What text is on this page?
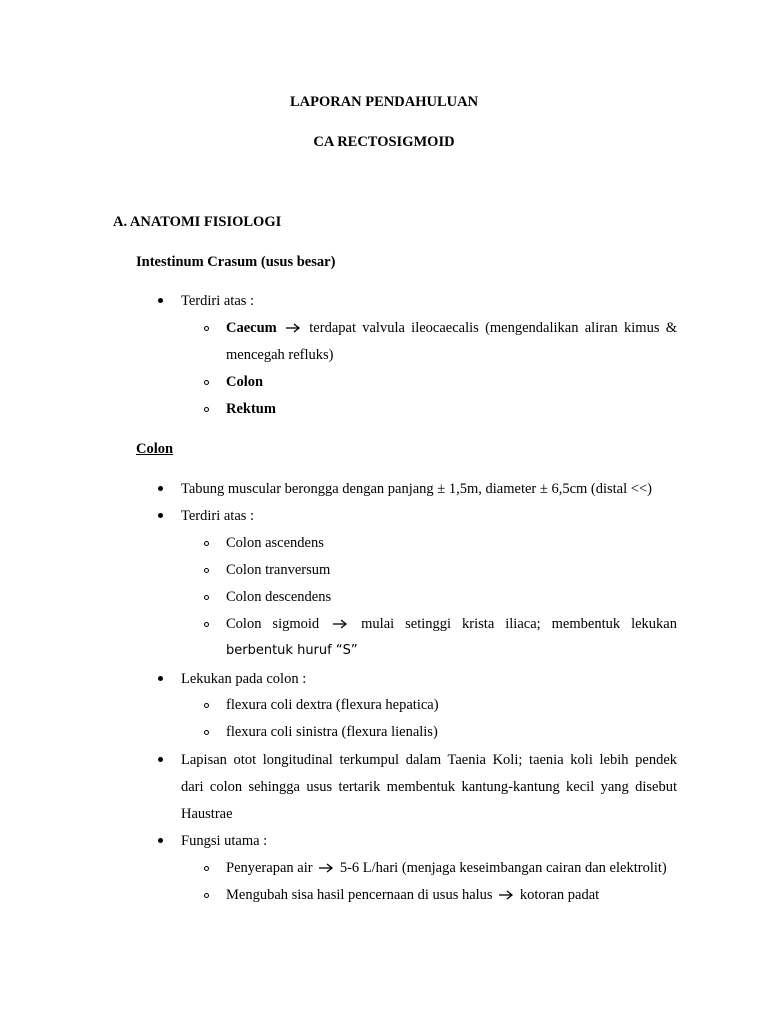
LAPORAN PENDAHULUAN
CA RECTOSIGMOID
A. ANATOMI FISIOLOGI
Intestinum Crasum (usus besar)
Terdiri atas :
Caecum terdapat valvula ileocaecalis (mengendalikan aliran kimus &
mencegah refluks)
Colon
Rektum
Colon
Tabung muscular berongga dengan panjang ± 1,5m, diameter ± 6,5cm (distal <<)
Terdiri atas :
Colon ascendens
Colon tranversum
Colon descendens
Colon sigmoid	mulai setinggi krista iliaca; membentuk lekukan
berbentuk huruf “S”
Lekukan pada colon :
flexura coli dextra (flexura hepatica)
flexura coli sinistra (flexura lienalis)
Lapisan otot longitudinal terkumpul dalam Taenia Koli; taenia koli lebih pendek
dari colon sehingga usus tertarik membentuk kantung-kantung kecil yang disebut
Haustrae
Fungsi utama :
Penyerapan air 5-6 L/hari (menjaga keseimbangan cairan dan elektrolit)
Mengubah sisa hasil pencernaan di usus halus kotoran padat
